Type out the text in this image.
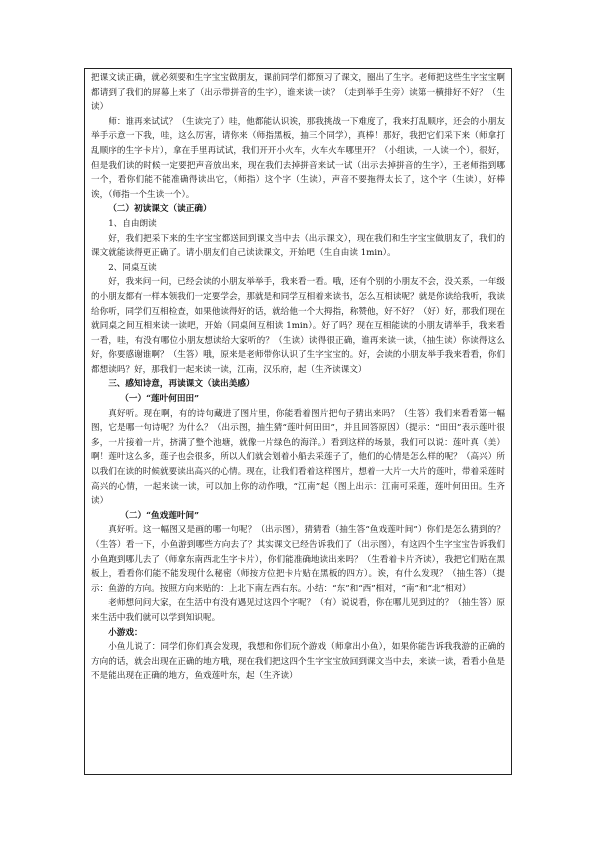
把课文读正确，就必须要和生字宝宝做朋友，课前同学们都预习了课文，圈出了生字。老师把这些生字宝宝啊都请到了我们的屏幕上来了（出示带拼音的生字），谁来读一读？（走到举手生旁）读第一横排好不好？（生读）

师：谁再来试试？（生读完了）哇，他都能认识诶，那我挑战一下难度了，我来打乱顺序，还会的小朋友举手示意一下我，哇，这么厉害，请你来（师指黑板，抽三个同学），真棒！那好，我把它们采下来（师拿打乱顺序的生字卡片），拿在手里再试试，我们开开小火车，火车火车哪里开？（小组读，一人读一个），很好，但是我们读的时候一定要把声音放出来，现在我们去掉拼音来试一试（出示去掉拼音的生字），王老师指到哪一个，看你们能不能准确得读出它，（师指）这个字（生读），声音不要拖得太长了，这个字（生读），好棒诶，（师指一个生读一个）。

（二）初读课文（读正确）

1、自由朗读

好，我们把采下来的生字宝宝都送回到课文当中去（出示课文），现在我们和生字宝宝做朋友了，我们的课文就能读得更正确了。请小朋友们自己读读课文，开始吧（生自由读 1min）。

2、同桌互读

好，我来问一问，已经会读的小朋友举举手，我来看一看。哦，还有个别的小朋友不会，没关系，一年级的小朋友都有一样本领我们一定要学会，那就是和同学互相着来读书，怎么互相读呢？就是你读给我听，我读给你听，同学们互相检查，如果他读得好的话，就给他一个大拇指，称赞他，好不好？（好）好，那我们现在就同桌之间互相来读一读吧，开始（同桌间互相读 1min）。好了吗？现在互相能读的小朋友请举手，我来看一看，哇，有没有哪位小朋友想读给大家听的？（生读）读得很正确，谁再来读一读，（抽生读）你读得这么好，你要感谢谁啊？（生答）哦，原来是老师带你认识了生字宝宝的。好，会读的小朋友举手我来看看，你们都想读吗？好，那我们一起来读一读，江南，汉乐府，起（生齐读课文）

三、感知诗意，再读课文（读出美感）

（一）“莲叶何田田”

真好听。现在啊，有的诗句藏进了图片里，你能看着图片把句子猜出来吗？（生答）我们来看看第一幅图，它是哪一句诗呢？为什么？（出示图，抽生猜“莲叶何田田”，并且回答原因）（提示：“田田”表示莲叶很多，一片接着一片，挤满了整个池塘，就像一片绿色的海洋。）看到这样的场景，我们可以说：莲叶真（美）啊！莲叶这么多，莲子也会很多，所以人们就会划着小船去采莲子了，他们的心情是怎么样的呢？（高兴）所以我们在读的时候就要读出高兴的心情。现在，让我们看着这样图片，想着一大片一大片的莲叶，带着采莲时高兴的心情，一起来读一读，可以加上你的动作哦，“江南”起（图上出示：江南可采莲，莲叶何田田。生齐读）

（二）“鱼戏莲叶间”

真好听。这一幅图又是画的哪一句呢？（出示图），猜猜看（抽生答“鱼戏莲叶间”）你们是怎么猜到的？（生答）看一下，小鱼游到哪些方向去了？其实课文已经告诉我们了（出示图），有这四个生字宝宝告诉我们小鱼跑到哪儿去了（师拿东南西北生字卡片），你们能准确地读出来吗？（生看着卡片齐读），我把它们贴在黑板上，看看你们能不能发现什么秘密（师按方位把卡片贴在黑板的四方）。诶，有什么发现？（抽生答）（提示：鱼游的方向。按照方向来贴的：上北下南左西右东。小结：“东”和“西”相对，“南”和“北”相对）

老师想问问大家，在生活中有没有遇见过这四个字呢？（有）说说看，你在哪儿见到过的？（抽生答）原来生活中我们就可以学到知识呢。

小游戏：

小鱼儿说了：同学们你们真会发现，我想和你们玩个游戏（师拿出小鱼），如果你能告诉我我游的正确的方向的话，就会出现在正确的地方哦，现在我们把这四个生字宝宝放回到课文当中去，来读一读，看看小鱼是不是能出现在正确的地方，鱼戏莲叶东，起（生齐读）
